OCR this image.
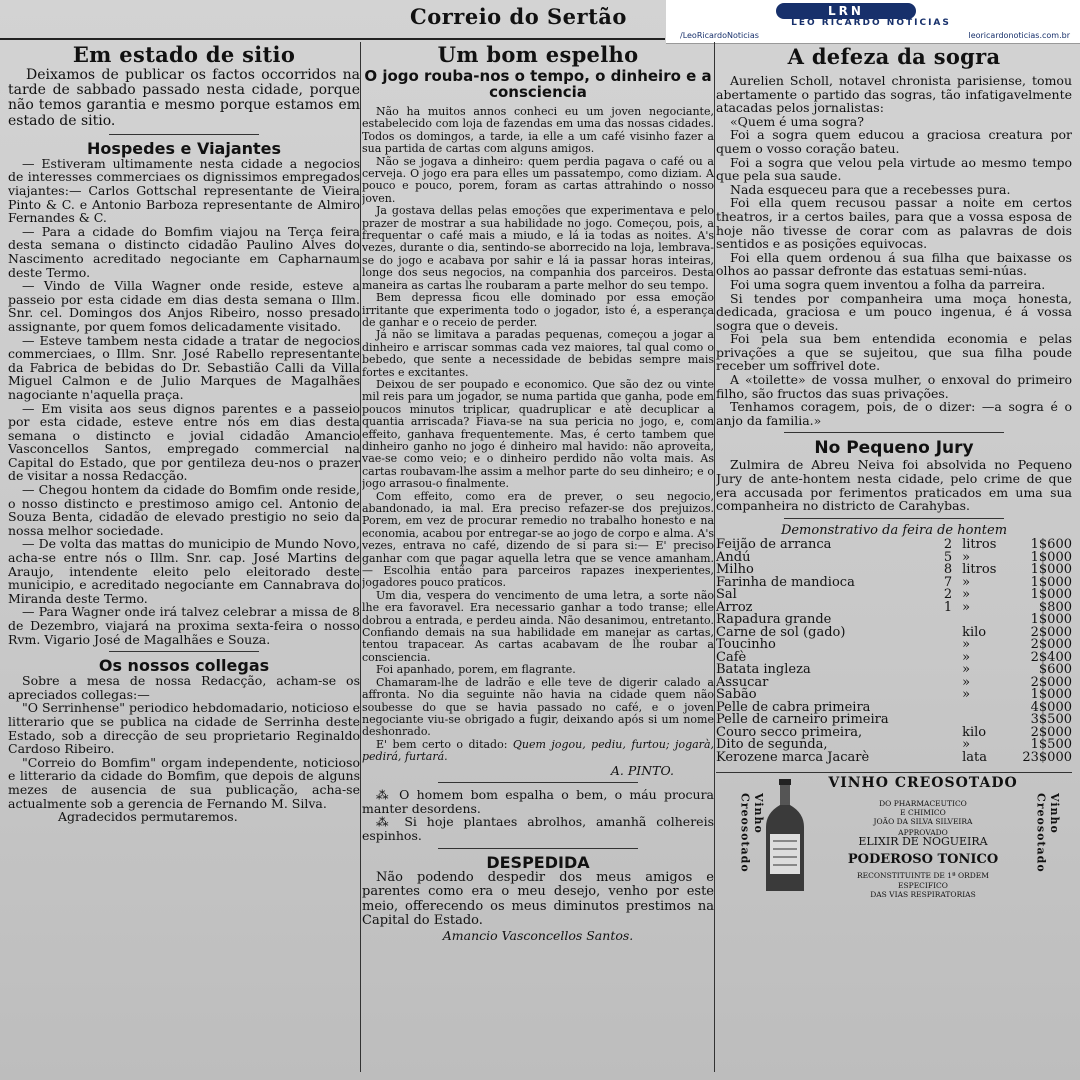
Correio do Sertão	LRN
LEO RICARDO NOTICIAS
/LeoRicardoNoticias	leoricardonoticias.com.br
Em estado de sitio

Deixamos de publicar os factos occorridos na tarde de sabbado passado nesta cidade, porque não temos garantia e mesmo porque estamos em estado de sitio.

Hospedes e Viajantes

— Estiveram ultimamente nesta cidade a negocios de interesses commerciaes os dignissimos empregados viajantes:— Carlos Gottschal representante de Vieira Pinto & C. e Antonio Barboza representante de Almiro Fernandes & C.

— Para a cidade do Bomfim viajou na Terça feira desta semana o distincto cidadão Paulino Alves do Nascimento acreditado negociante em Capharnaum deste Termo.

— Vindo de Villa Wagner onde reside, esteve a passeio por esta cidade em dias desta semana o Illm. Snr. cel. Domingos dos Anjos Ribeiro, nosso presado assignante, por quem fomos delicadamente visitado.

— Esteve tambem nesta cidade a tratar de negocios commerciaes, o Illm. Snr. José Rabello representante da Fabrica de bebidas do Dr. Sebastião Calli da Villa Miguel Calmon e de Julio Marques de Magalhães nagociante n'aquella praça.

— Em visita aos seus dignos parentes e a passeio por esta cidade, esteve entre nós em dias desta semana o distincto e jovial cidadão Amancio Vasconcellos Santos, empregado commercial na Capital do Estado, que por gentileza deu-nos o prazer de visitar a nossa Redacção.

— Chegou hontem da cidade do Bomfim onde reside, o nosso distincto e prestimoso amigo cel. Antonio de Souza Benta, cidadão de elevado prestigio no seio da nossa melhor sociedade.

— De volta das mattas do municipio de Mundo Novo, acha-se entre nós o Illm. Snr. cap. José Martins de Araujo, intendente eleito pelo eleitorado deste municipio, e acreditado negociante em Cannabrava do Miranda deste Termo.

— Para Wagner onde irá talvez celebrar a missa de 8 de Dezembro, viajará na proxima sexta-feira o nosso Rvm. Vigario José de Magalhães e Souza.

Os nossos collegas

Sobre a mesa de nossa Redacção, acham-se os apreciados collegas:—

"O Serrinhense" periodico hebdomadario, noticioso e litterario que se publica na cidade de Serrinha deste Estado, sob a direcção de seu proprietario Reginaldo Cardoso Ribeiro.

"Correio do Bomfim" orgam independente, noticioso e litterario da cidade do Bomfim, que depois de alguns mezes de ausencia de sua publicação, acha-se actualmente sob a gerencia de Fernando M. Silva.

Agradecidos permutaremos.

Um bom espelho
O jogo rouba-nos o tempo, o dinheiro e a consciencia

Não ha muitos annos conheci eu um joven negociante, estabelecido com loja de fazendas em uma das nossas cidades. Todos os domingos, a tarde, ia elle a um café visinho fazer a sua partida de cartas com alguns amigos.

Não se jogava a dinheiro: quem perdia pagava o café ou a cerveja. O jogo era para elles um passatempo, como diziam. A pouco e pouco, porem, foram as cartas attrahindo o nosso joven.

Ja gostava dellas pelas emoções que experimentava e pelo prazer de mostrar a sua habilidade no jogo. Começou, pois, a frequentar o café mais a miudo, e lá ia todas as noites. A's vezes, durante o dia, sentindo-se aborrecido na loja, lembrava-se do jogo e acabava por sahir e lá ia passar horas inteiras, longe dos seus negocios, na companhia dos parceiros. Desta maneira as cartas lhe roubaram a parte melhor do seu tempo.

Bem depressa ficou elle dominado por essa emoção irritante que experimenta todo o jogador, isto é, a esperança de ganhar e o receio de perder.

Já não se limitava a paradas pequenas, começou a jogar a dinheiro e arriscar sommas cada vez maiores, tal qual como o bebedo, que sente a necessidade de bebidas sempre mais fortes e excitantes.

Deixou de ser poupado e economico. Que são dez ou vinte mil reis para um jogador, se numa partida que ganha, pode em poucos minutos triplicar, quadruplicar e atè decuplicar a quantia arriscada? Fiava-se na sua pericia no jogo, e, com effeito, ganhava frequentemente. Mas, é certo tambem que dinheiro ganho no jogo é dinheiro mal havido: não aproveita, vae-se como veio; e o dinheiro perdido não volta mais. As cartas roubavam-lhe assim a melhor parte do seu dinheiro; e o jogo arrasou-o finalmente.

Com effeito, como era de prever, o seu negocio, abandonado, ia mal. Era preciso refazer-se dos prejuizos. Porem, em vez de procurar remedio no trabalho honesto e na economia, acabou por entregar-se ao jogo de corpo e alma. A's vezes, entrava no café, dizendo de si para si:— E' preciso ganhar com que pagar aquella letra que se vence amanham. — Escolhia então para parceiros rapazes inexperientes, jogadores pouco praticos.

Um dia, vespera do vencimento de uma letra, a sorte não lhe era favoravel. Era necessario ganhar a todo transe; elle dobrou a entrada, e perdeu ainda. Não desanimou, entretanto. Confiando demais na sua habilidade em manejar as cartas, tentou trapacear. As cartas acabavam de lhe roubar a consciencia.

Foi apanhado, porem, em flagrante.

Chamaram-lhe de ladrão e elle teve de digerir calado a affronta. No dia seguinte não havia na cidade quem não soubesse do que se havia passado no café, e o joven negociante viu-se obrigado a fugir, deixando após si um nome deshonrado.

E' bem certo o ditado: Quem jogou, pediu, furtou; jogarà, pedirá, furtará.

A. PINTO.

⁂ O homem bom espalha o bem, o máu procura manter desordens.

⁂ Si hoje plantaes abrolhos, amanhã colhereis espinhos.

DESPEDIDA

Não podendo despedir dos meus amigos e parentes como era o meu desejo, venho por este meio, offerecendo os meus diminutos prestimos na Capital do Estado.

Amancio Vasconcellos Santos.

A defeza da sogra

Aurelien Scholl, notavel chronista parisiense, tomou abertamente o partido das sogras, tão infatigavelmente atacadas pelos jornalistas:

«Quem é uma sogra?

Foi a sogra quem educou a graciosa creatura por quem o vosso coração bateu.

Foi a sogra que velou pela virtude ao mesmo tempo que pela sua saude.

Nada esqueceu para que a recebesses pura.

Foi ella quem recusou passar a noite em certos theatros, ir a certos bailes, para que a vossa esposa de hoje não tivesse de corar com as palavras de dois sentidos e as posições equivocas.

Foi ella quem ordenou á sua filha que baixasse os olhos ao passar defronte das estatuas semi-núas.

Foi uma sogra quem inventou a folha da parreira.

Si tendes por companheira uma moça honesta, dedicada, graciosa e um pouco ingenua, é á vossa sogra que o deveis.

Foi pela sua bem entendida economia e pelas privações a que se sujeitou, que sua filha poude receber um soffrivel dote.

A «toilette» de vossa mulher, o enxoval do primeiro filho, são fructos das suas privações.

Tenhamos coragem, pois, de o dizer: —a sogra é o anjo da familia.»

No Pequeno Jury

Zulmira de Abreu Neiva foi absolvida no Pequeno Jury de ante-hontem nesta cidade, pelo crime de que era accusada por ferimentos praticados em uma sua companheira no districto de Carahybas.

Demonstrativo da feira de hontem
Feijão de arranca	2	litros	1$600
Andú	5	»	1$000
Milho	8	litros	1$000
Farinha de mandioca	7	»	1$000
Sal	2	»	1$000
Arroz	1	»	$800
Rapadura grande			1$000
Carne de sol (gado)		kilo	2$000
Toucinho		»	2$000
Cafè		»	2$400
Batata ingleza		»	$600
Assucar		»	2$000
Sabão		»	1$000
Pelle de cabra primeira			4$000
Pelle de carneiro primeira			3$500
Couro secco primeira,		kilo	2$000
Dito de segunda,		»	1$500
Kerozene marca Jacarè		lata	23$000
Vinho Creosotado
VINHO CREOSOTADO
DO PHARMACEUTICO
E CHIMICO
JOÃO DA SILVA SILVEIRA
APPROVADO
ELIXIR DE NOGUEIRA
PODEROSO TONICO
RECONSTITUINTE DE 1ª ORDEM
ESPECIFICO
DAS VIAS RESPIRATORIAS
Vinho Creosotado
